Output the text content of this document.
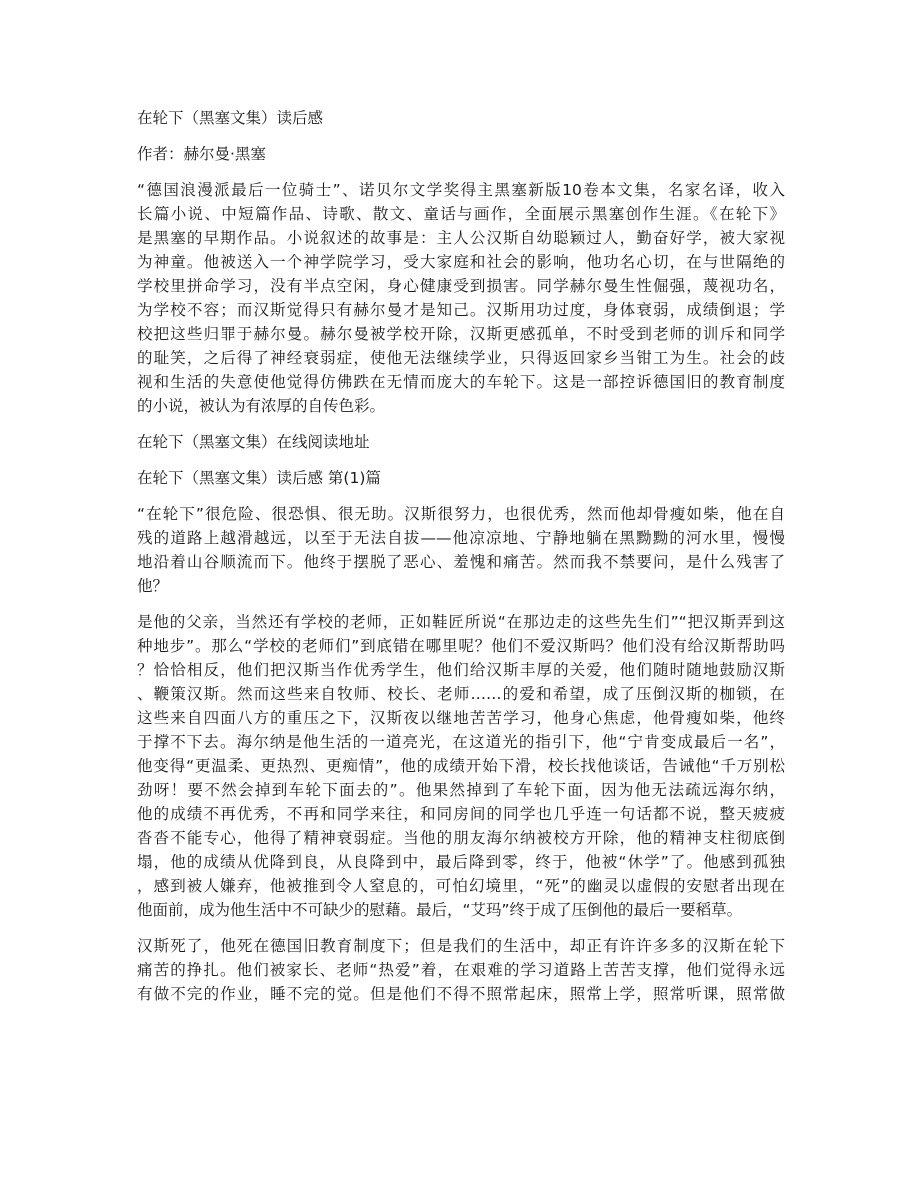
在轮下（黑塞文集）读后感
作者：赫尔曼·黑塞
“德国浪漫派最后一位骑士”、诺贝尔文学奖得主黑塞新版10卷本文集，名家名译，收入
长篇小说、中短篇作品、诗歌、散文、童话与画作，全面展示黑塞创作生涯。《在轮下》
是黑塞的早期作品。小说叙述的故事是：主人公汉斯自幼聪颖过人，勤奋好学，被大家视
为神童。他被送入一个神学院学习，受大家庭和社会的影响，他功名心切，在与世隔绝的
学校里拼命学习，没有半点空闲，身心健康受到损害。同学赫尔曼生性倔强，蔑视功名，
为学校不容；而汉斯觉得只有赫尔曼才是知己。汉斯用功过度，身体衰弱，成绩倒退；学
校把这些归罪于赫尔曼。赫尔曼被学校开除，汉斯更感孤单，不时受到老师的训斥和同学
的耻笑，之后得了神经衰弱症，使他无法继续学业，只得返回家乡当钳工为生。社会的歧
视和生活的失意使他觉得仿佛跌在无情而庞大的车轮下。这是一部控诉德国旧的教育制度
的小说，被认为有浓厚的自传色彩。
在轮下（黑塞文集）在线阅读地址
在轮下（黑塞文集）读后感 第(1)篇
“在轮下”很危险、很恐惧、很无助。汉斯很努力，也很优秀，然而他却骨瘦如柴，他在自
残的道路上越滑越远，以至于无法自拔——他凉凉地、宁静地躺在黑黝黝的河水里，慢慢
地沿着山谷顺流而下。他终于摆脱了恶心、羞愧和痛苦。然而我不禁要问，是什么残害了
他？
是他的父亲，当然还有学校的老师，正如鞋匠所说“在那边走的这些先生们”“把汉斯弄到这
种地步”。那么“学校的老师们”到底错在哪里呢？他们不爱汉斯吗？他们没有给汉斯帮助吗
？恰恰相反，他们把汉斯当作优秀学生，他们给汉斯丰厚的关爱，他们随时随地鼓励汉斯
、鞭策汉斯。然而这些来自牧师、校长、老师……的爱和希望，成了压倒汉斯的枷锁，在
这些来自四面八方的重压之下，汉斯夜以继地苦苦学习，他身心焦虑，他骨瘦如柴，他终
于撑不下去。海尔纳是他生活的一道亮光，在这道光的指引下，他“宁肯变成最后一名”，
他变得“更温柔、更热烈、更痴情”，他的成绩开始下滑，校长找他谈话，告诫他“千万别松
劲呀！要不然会掉到车轮下面去的”。他果然掉到了车轮下面，因为他无法疏远海尔纳，
他的成绩不再优秀，不再和同学来往，和同房间的同学也几乎连一句话都不说，整天疲疲
沓沓不能专心，他得了精神衰弱症。当他的朋友海尔纳被校方开除，他的精神支柱彻底倒
塌，他的成绩从优降到良，从良降到中，最后降到零，终于，他被“休学”了。他感到孤独
，感到被人嫌弃，他被推到令人窒息的，可怕幻境里，“死”的幽灵以虚假的安慰者出现在
他面前，成为他生活中不可缺少的慰藉。最后，“艾玛”终于成了压倒他的最后一要稻草。
汉斯死了，他死在德国旧教育制度下；但是我们的生活中，却正有许许多多的汉斯在轮下
痛苦的挣扎。他们被家长、老师“热爱”着，在艰难的学习道路上苦苦支撑，他们觉得永远
有做不完的作业，睡不完的觉。但是他们不得不照常起床，照常上学，照常听课，照常做
